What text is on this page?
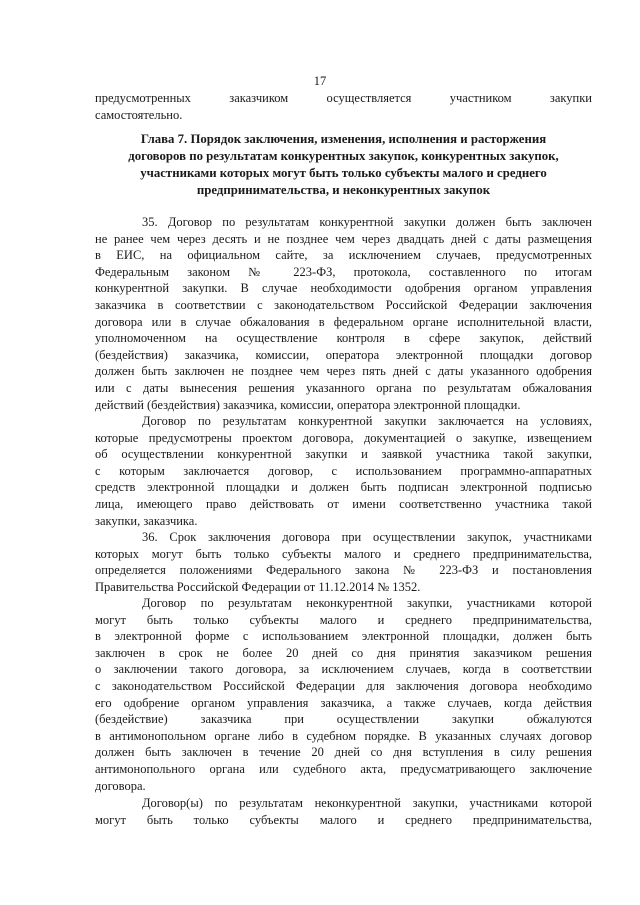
17
предусмотренных заказчиком осуществляется участником закупки
самостоятельно.
Глава 7. Порядок заключения, изменения, исполнения и расторжения
договоров по результатам конкурентных закупок, конкурентных закупок,
участниками которых могут быть только субъекты малого и среднего
предпринимательства, и неконкурентных закупок
35. Договор по результатам конкурентной закупки должен быть заключен
не ранее чем через десять и не позднее чем через двадцать дней с даты размещения
в ЕИС, на официальном сайте, за исключением случаев, предусмотренных
Федеральным законом № 223-ФЗ, протокола, составленного по итогам
конкурентной закупки. В случае необходимости одобрения органом управления
заказчика в соответствии с законодательством Российской Федерации заключения
договора или в случае обжалования в федеральном органе исполнительной власти,
уполномоченном на осуществление контроля в сфере закупок, действий
(бездействия) заказчика, комиссии, оператора электронной площадки договор
должен быть заключен не позднее чем через пять дней с даты указанного одобрения
или с даты вынесения решения указанного органа по результатам обжалования
действий (бездействия) заказчика, комиссии, оператора электронной площадки.
Договор по результатам конкурентной закупки заключается на условиях,
которые предусмотрены проектом договора, документацией о закупке, извещением
об осуществлении конкурентной закупки и заявкой участника такой закупки,
с которым заключается договор, с использованием программно-аппаратных
средств электронной площадки и должен быть подписан электронной подписью
лица, имеющего право действовать от имени соответственно участника такой
закупки, заказчика.
36. Срок заключения договора при осуществлении закупок, участниками
которых могут быть только субъекты малого и среднего предпринимательства,
определяется положениями Федерального закона № 223-ФЗ и постановления
Правительства Российской Федерации от 11.12.2014 № 1352.
Договор по результатам неконкурентной закупки, участниками которой
могут быть только субъекты малого и среднего предпринимательства,
в электронной форме с использованием электронной площадки, должен быть
заключен в срок не более 20 дней со дня принятия заказчиком решения
о заключении такого договора, за исключением случаев, когда в соответствии
с законодательством Российской Федерации для заключения договора необходимо
его одобрение органом управления заказчика, а также случаев, когда действия
(бездействие) заказчика при осуществлении закупки обжалуются
в антимонопольном органе либо в судебном порядке. В указанных случаях договор
должен быть заключен в течение 20 дней со дня вступления в силу решения
антимонопольного органа или судебного акта, предусматривающего заключение
договора.
Договор(ы) по результатам неконкурентной закупки, участниками которой
могут быть только субъекты малого и среднего предпринимательства,
